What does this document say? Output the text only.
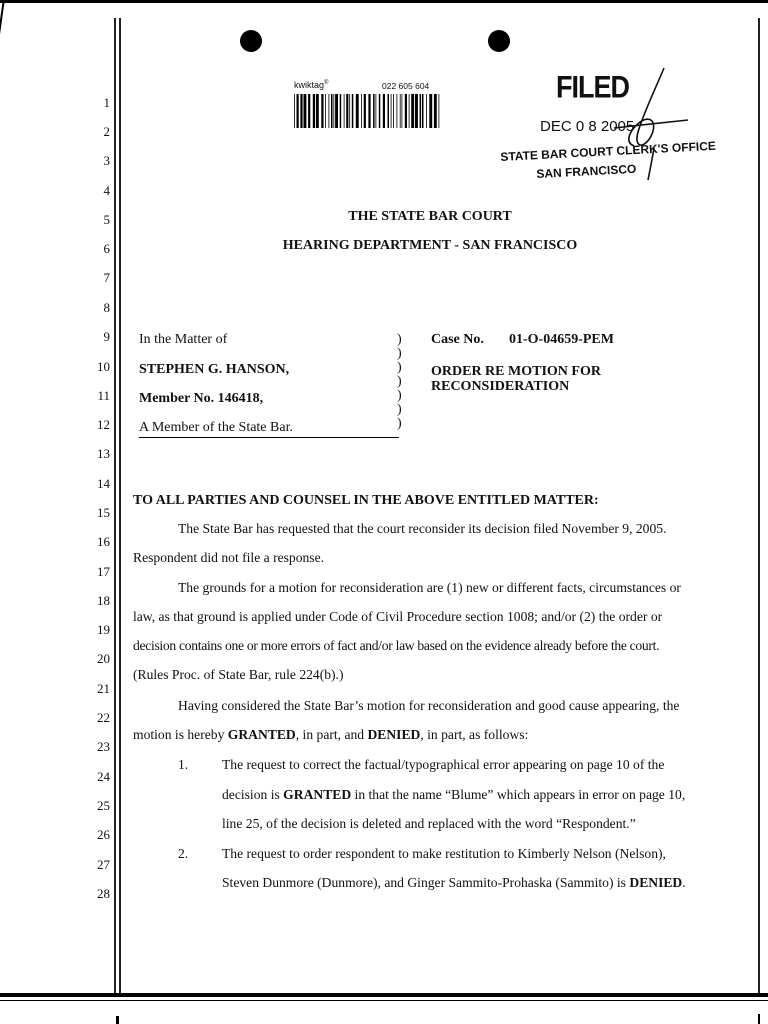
1
2
3
4
5
6
7
8
9
10
11
12
13
14
15
16
17
18
19
20
21
22
23
24
25
26
27
28
kwiktag®	022 605 604	FILED
DEC 0 8 2005
STATE BAR COURT CLERK'S OFFICE
SAN FRANCISCO
THE STATE BAR COURT
HEARING DEPARTMENT - SAN FRANCISCO
In the Matter of
STEPHEN G. HANSON,
Member No. 146418,
A Member of the State Bar.
)
)
)
)
)
)
)
Case No. 01-O-04659-PEM
ORDER RE MOTION FOR
RECONSIDERATION
TO ALL PARTIES AND COUNSEL IN THE ABOVE ENTITLED MATTER:
The State Bar has requested that the court reconsider its decision filed November 9, 2005.
Respondent did not file a response.
The grounds for a motion for reconsideration are (1) new or different facts, circumstances or
law, as that ground is applied under Code of Civil Procedure section 1008; and/or (2) the order or
decision contains one or more errors of fact and/or law based on the evidence already before the court.
(Rules Proc. of State Bar, rule 224(b).)
Having considered the State Bar’s motion for reconsideration and good cause appearing, the
motion is hereby GRANTED, in part, and DENIED, in part, as follows:
1. The request to correct the factual/typographical error appearing on page 10 of the
decision is GRANTED in that the name “Blume” which appears in error on page 10,
line 25, of the decision is deleted and replaced with the word “Respondent.”
2. The request to order respondent to make restitution to Kimberly Nelson (Nelson),
Steven Dunmore (Dunmore), and Ginger Sammito-Prohaska (Sammito) is DENIED.
